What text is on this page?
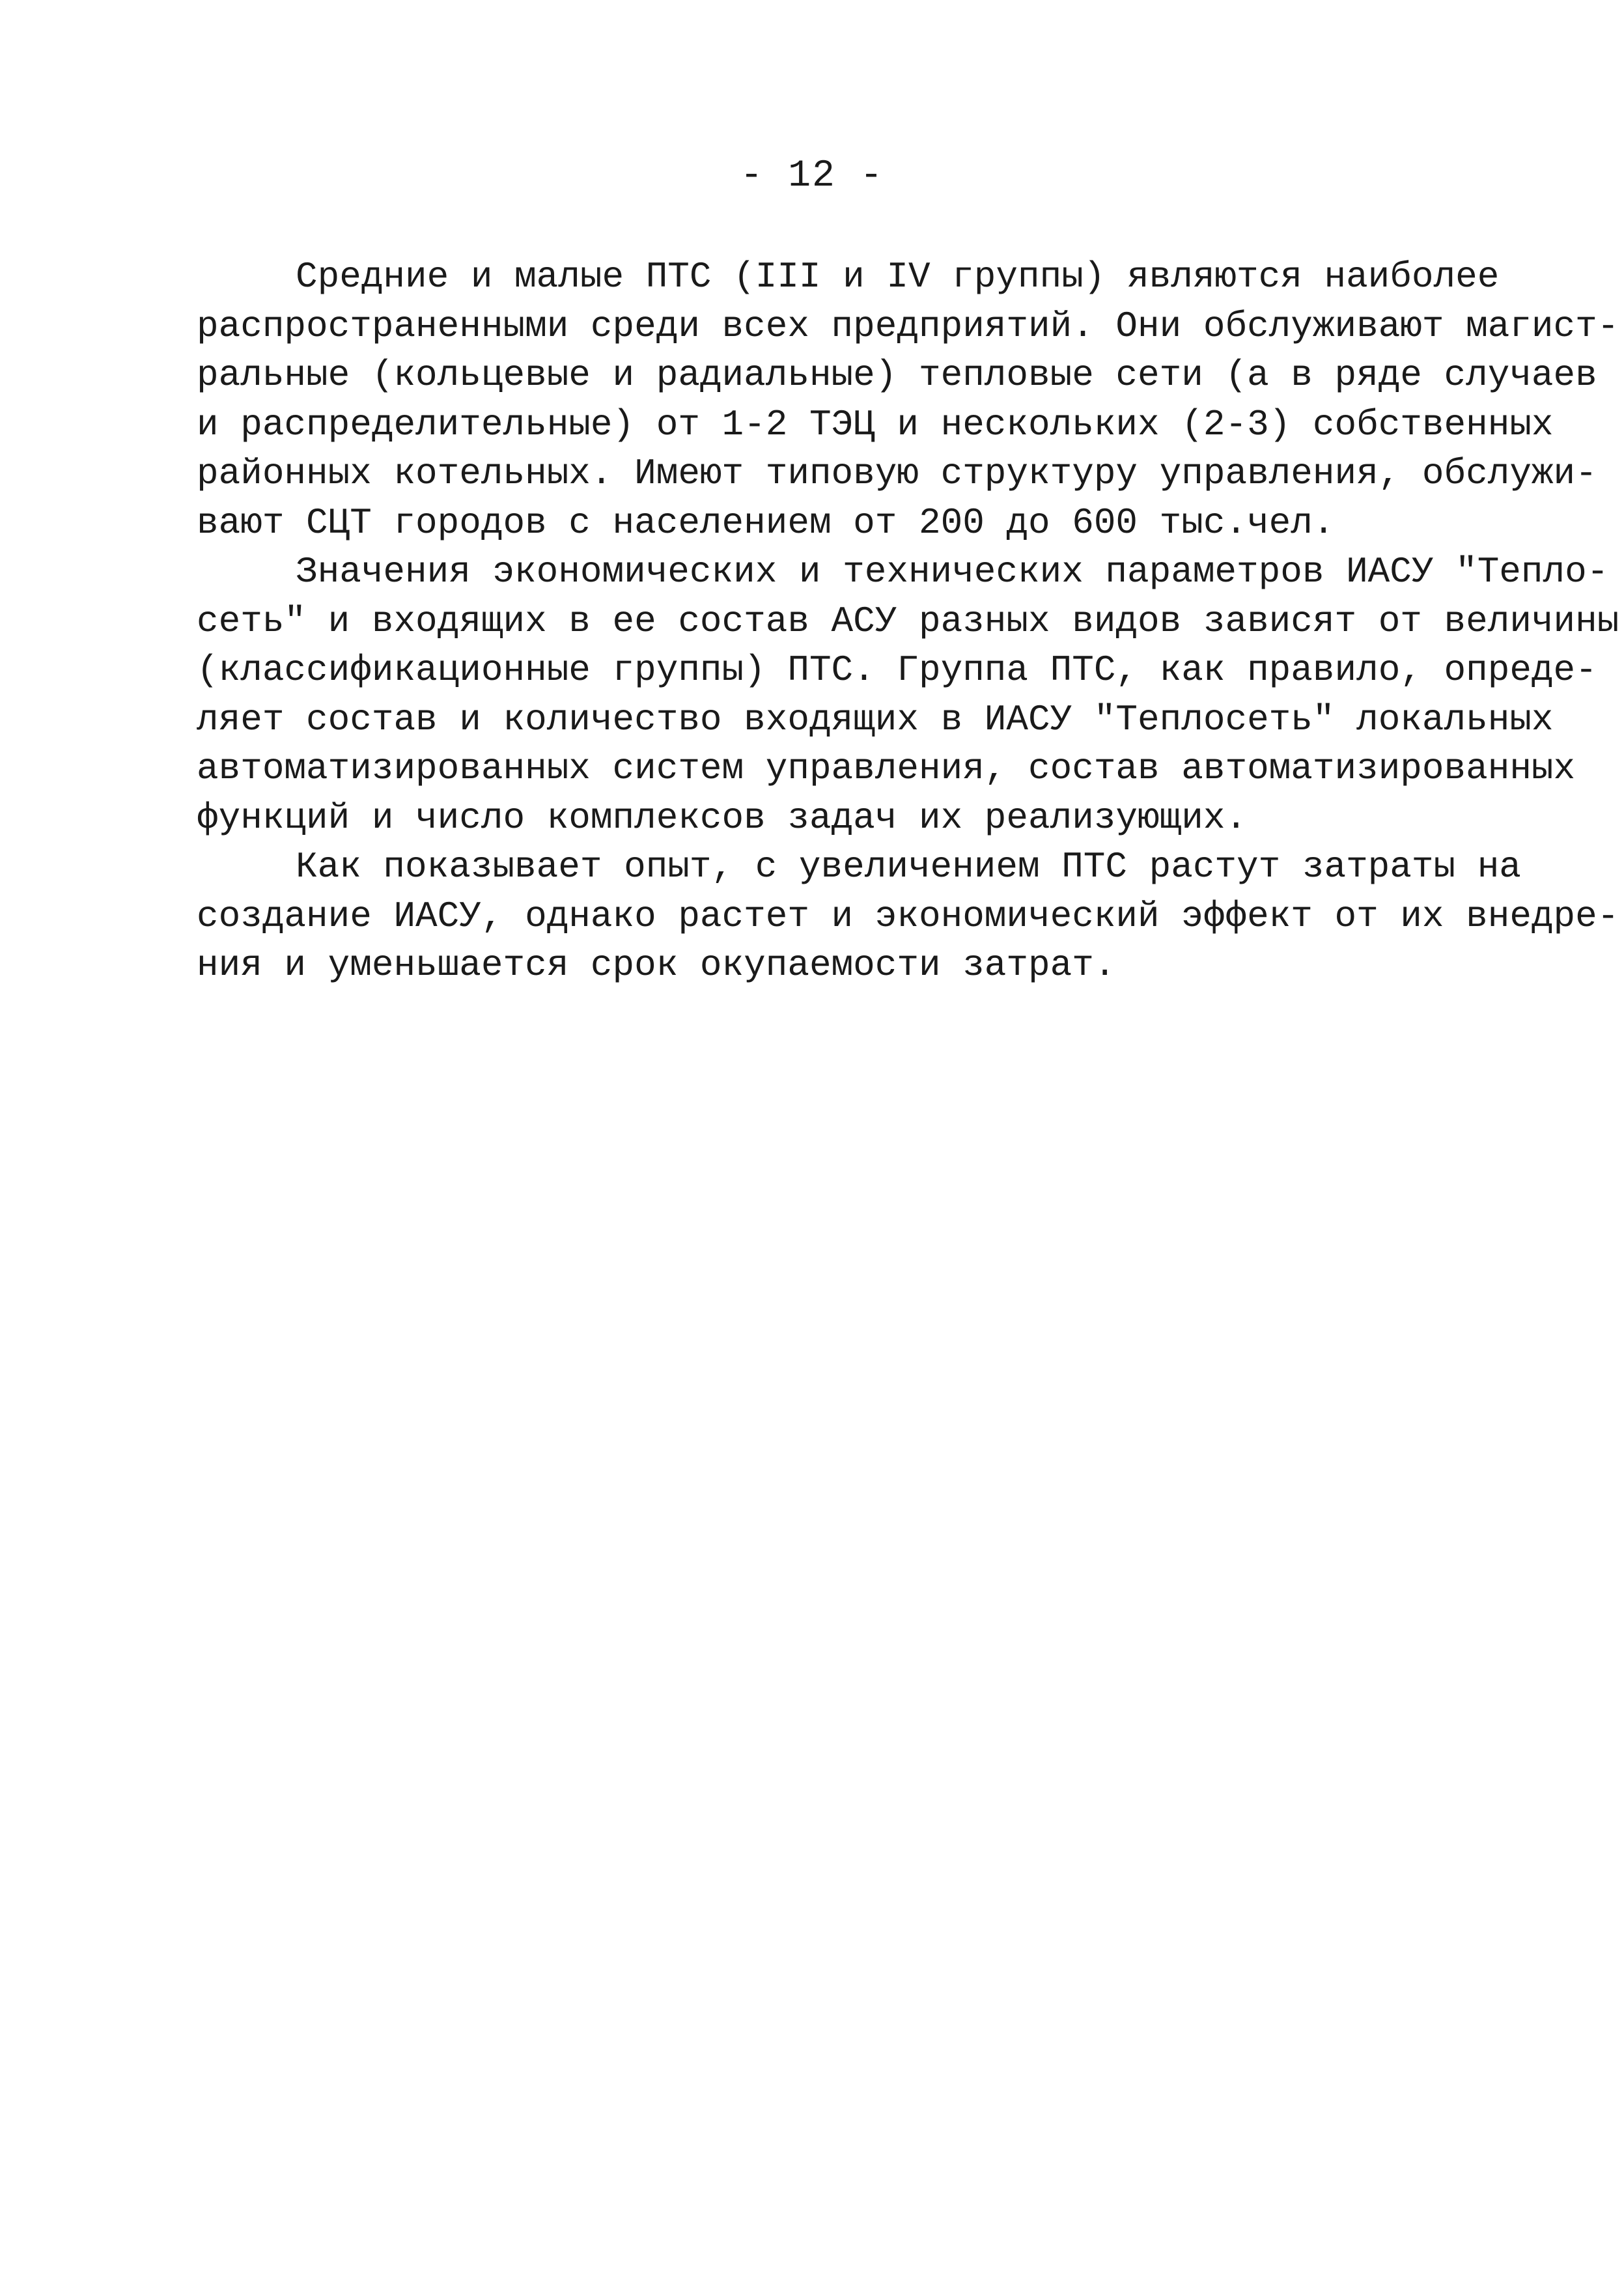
- 12 -
Средние и малые ПТС (III и IV группы) являются наиболее
распространенными среди всех предприятий. Они обслуживают магист-
ральные (кольцевые и радиальные) тепловые сети (а в ряде случаев
и распределительные) от 1-2 ТЭЦ и нескольких (2-3) собственных
районных котельных. Имеют типовую структуру управления, обслужи-
вают СЦТ городов с населением от 200 до 600 тыс.чел.
Значения экономических и технических параметров ИАСУ "Тепло-
сеть" и входящих в ее состав АСУ разных видов зависят от величины
(классификационные группы) ПТС. Группа ПТС, как правило, опреде-
ляет состав и количество входящих в ИАСУ "Теплосеть" локальных
автоматизированных систем управления, состав автоматизированных
функций и число комплексов задач их реализующих.
Как показывает опыт, с увеличением ПТС растут затраты на
создание ИАСУ, однако растет и экономический эффект от их внедре-
ния и уменьшается срок окупаемости затрат.
